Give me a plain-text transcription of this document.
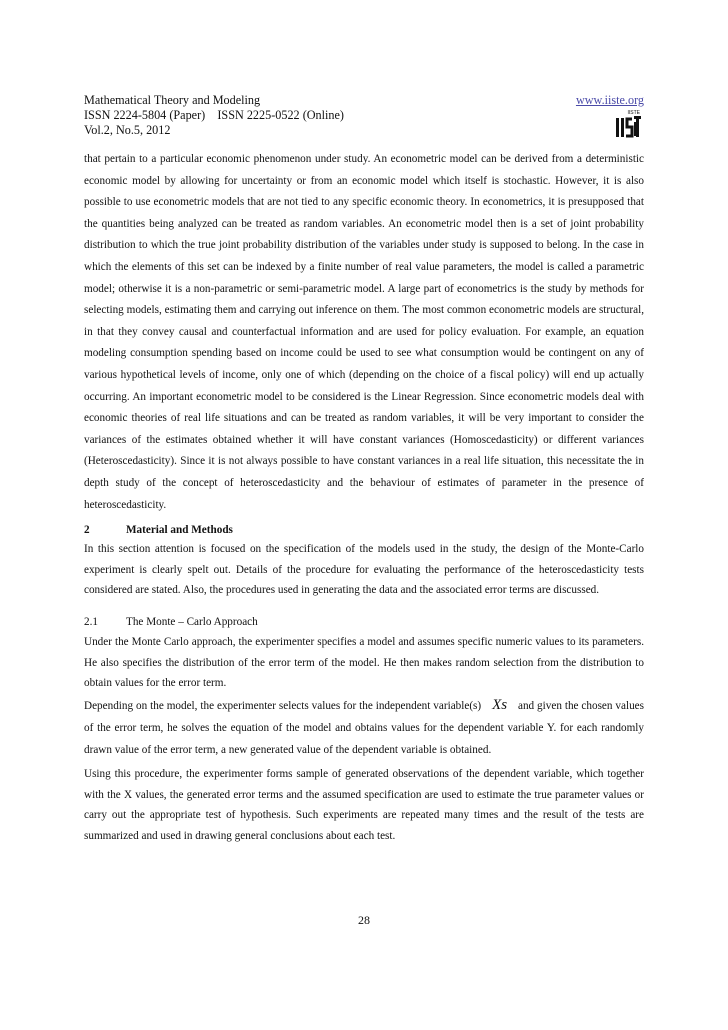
Mathematical Theory and Modeling
ISSN 2224-5804 (Paper)    ISSN 2225-0522 (Online)
Vol.2, No.5, 2012
www.iiste.org
IISTE
that pertain to a particular economic phenomenon under study. An econometric model can be derived from a deterministic economic model by allowing for uncertainty or from an economic model which itself is stochastic. However, it is also possible to use econometric models that are not tied to any specific economic theory. In econometrics, it is presupposed that the quantities being analyzed can be treated as random variables. An econometric model then is a set of joint probability distribution to which the true joint probability distribution of the variables under study is supposed to belong. In the case in which the elements of this set can be indexed by a finite number of real value parameters, the model is called a parametric model; otherwise it is a non-parametric or semi-parametric model. A large part of econometrics is the study by methods for selecting models, estimating them and carrying out inference on them. The most common econometric models are structural, in that they convey causal and counterfactual information and are used for policy evaluation. For example, an equation modeling consumption spending based on income could be used to see what consumption would be contingent on any of various hypothetical levels of income, only one of which (depending on the choice of a fiscal policy) will end up actually occurring. An important econometric model to be considered is the Linear Regression. Since econometric models deal with economic theories of real life situations and can be treated as random variables, it will be very important to consider the variances of the estimates obtained whether it will have constant variances (Homoscedasticity) or different variances (Heteroscedasticity). Since it is not always possible to have constant variances in a real life situation, this necessitate the in depth study of the concept of heteroscedasticity and the behaviour of estimates of parameter in the presence of heteroscedasticity.
2	Material and Methods
In this section attention is focused on the specification of the models used in the study, the design of the Monte-Carlo experiment is clearly spelt out. Details of the procedure for evaluating the performance of the heteroscedasticity tests considered are stated. Also, the procedures used in generating the data and the associated error terms are discussed.
2.1	The Monte – Carlo Approach
Under the Monte Carlo approach, the experimenter specifies a model and assumes specific numeric values to its parameters. He also specifies the distribution of the error term of the model. He then makes random selection from the distribution to obtain values for the error term.
Depending on the model, the experimenter selects values for the independent variable(s) Xs and given the chosen values of the error term, he solves the equation of the model and obtains values for the dependent variable Y. for each randomly drawn value of the error term, a new generated value of the dependent variable is obtained.
Using this procedure, the experimenter forms sample of generated observations of the dependent variable, which together with the X values, the generated error terms and the assumed specification are used to estimate the true parameter values or carry out the appropriate test of hypothesis. Such experiments are repeated many times and the result of the tests are summarized and used in drawing general conclusions about each test.
28
